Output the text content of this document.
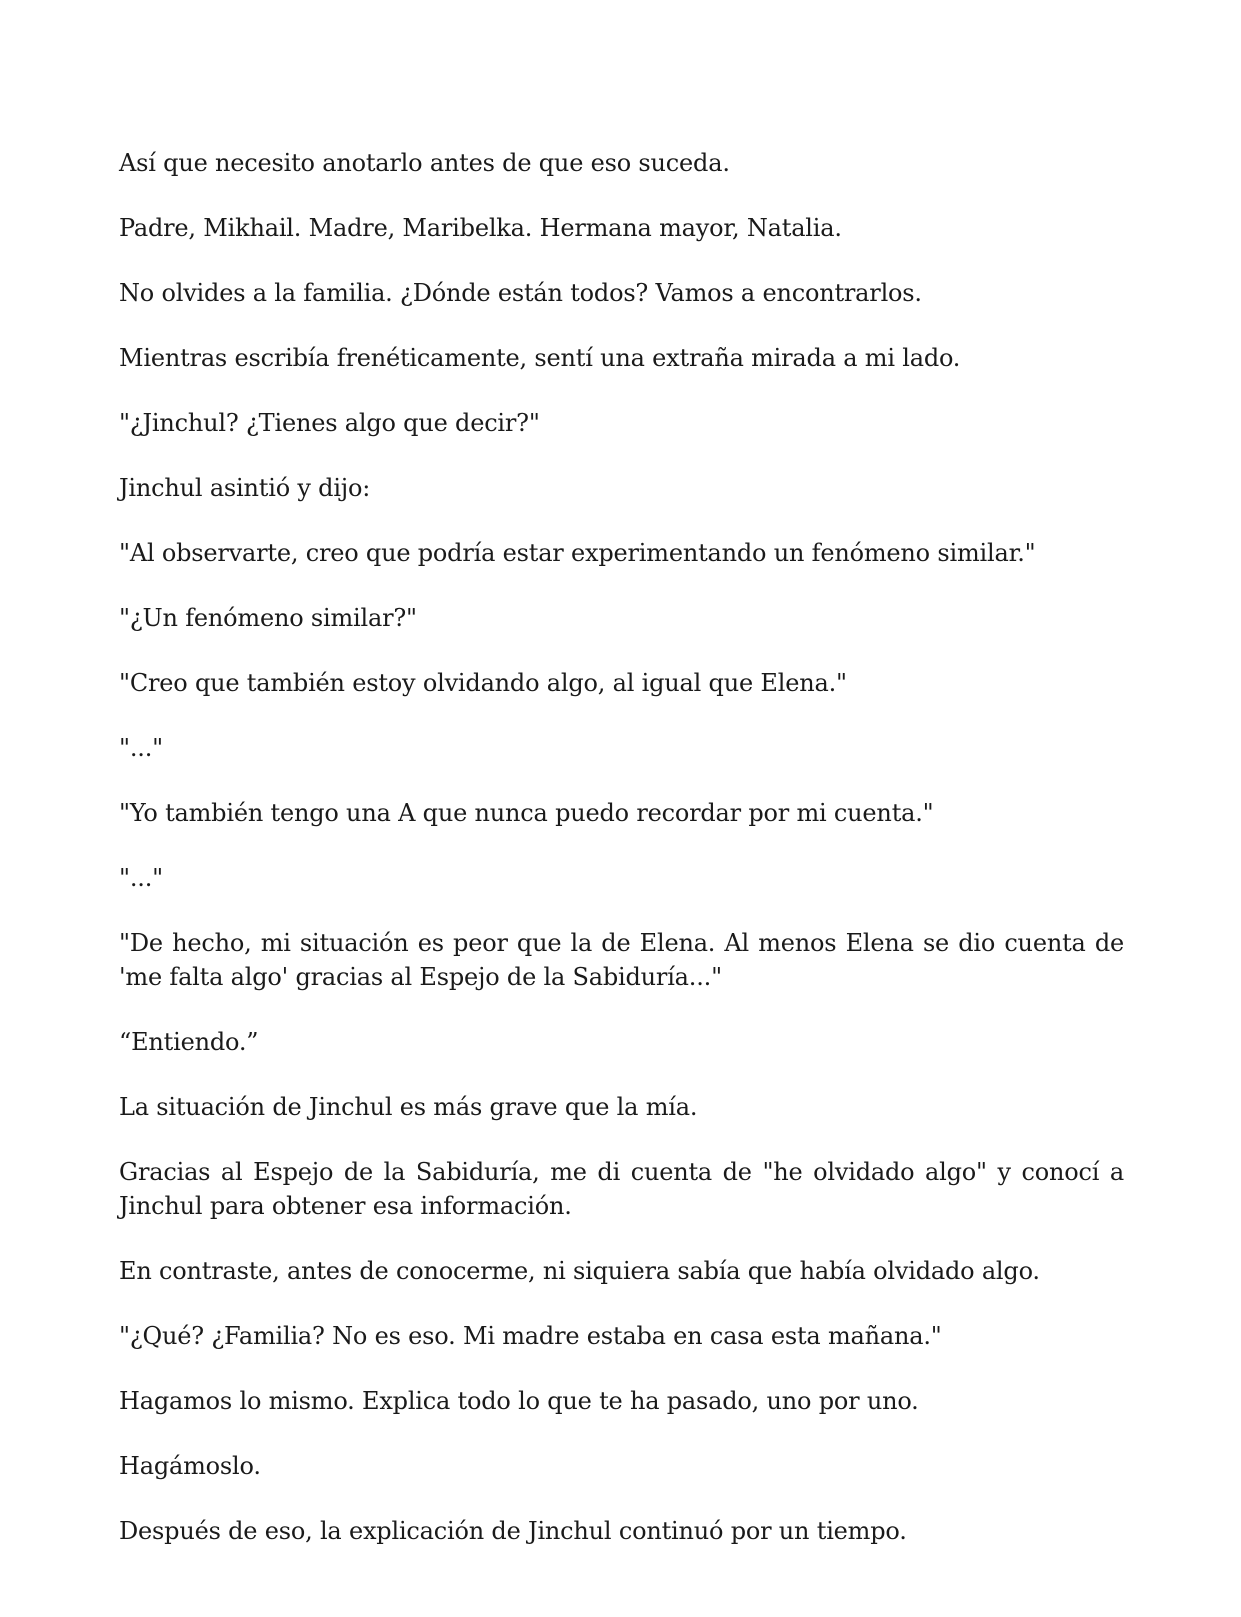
Así que necesito anotarlo antes de que eso suceda.

Padre, Mikhail. Madre, Maribelka. Hermana mayor, Natalia.

No olvides a la familia. ¿Dónde están todos? Vamos a encontrarlos.

Mientras escribía frenéticamente, sentí una extraña mirada a mi lado.

"¿Jinchul? ¿Tienes algo que decir?"

Jinchul asintió y dijo:

"Al observarte, creo que podría estar experimentando un fenómeno similar."

"¿Un fenómeno similar?"

"Creo que también estoy olvidando algo, al igual que Elena."

"..."

"Yo también tengo una A que nunca puedo recordar por mi cuenta."

"..."

"De hecho, mi situación es peor que la de Elena. Al menos Elena se dio cuenta de 'me falta algo' gracias al Espejo de la Sabiduría..."

“Entiendo.”

La situación de Jinchul es más grave que la mía.

Gracias al Espejo de la Sabiduría, me di cuenta de "he olvidado algo" y conocí a Jinchul para obtener esa información.

En contraste, antes de conocerme, ni siquiera sabía que había olvidado algo.

"¿Qué? ¿Familia? No es eso. Mi madre estaba en casa esta mañana."

Hagamos lo mismo. Explica todo lo que te ha pasado, uno por uno.

Hagámoslo.

Después de eso, la explicación de Jinchul continuó por un tiempo.
